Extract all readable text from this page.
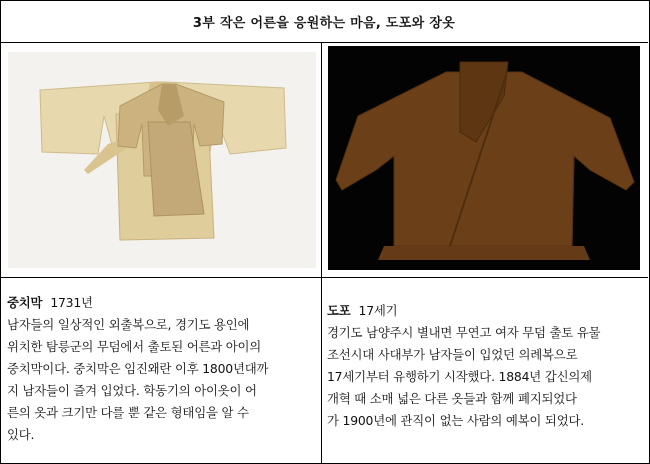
3부 작은 어른을 응원하는 마음, 도포와 장옷
중치막 1731년
남자들의 일상적인 외출복으로, 경기도 용인에
위치한 탐릉군의 무덤에서 출토된 어른과 아이의
중치막이다. 중치막은 임진왜란 이후 1800년대까
지 남자들이 즐겨 입었다. 학동기의 아이옷이 어
른의 옷과 크기만 다를 뿐 같은 형태임을 알 수
있다.
도포 17세기
경기도 남양주시 별내면 무연고 여자 무덤 출토 유물
조선시대 사대부가 남자들이 입었던 의례복으로
17세기부터 유행하기 시작했다. 1884년 갑신의제
개혁 때 소매 넓은 다른 옷들과 함께 폐지되었다
가 1900년에 관직이 없는 사람의 예복이 되었다.
